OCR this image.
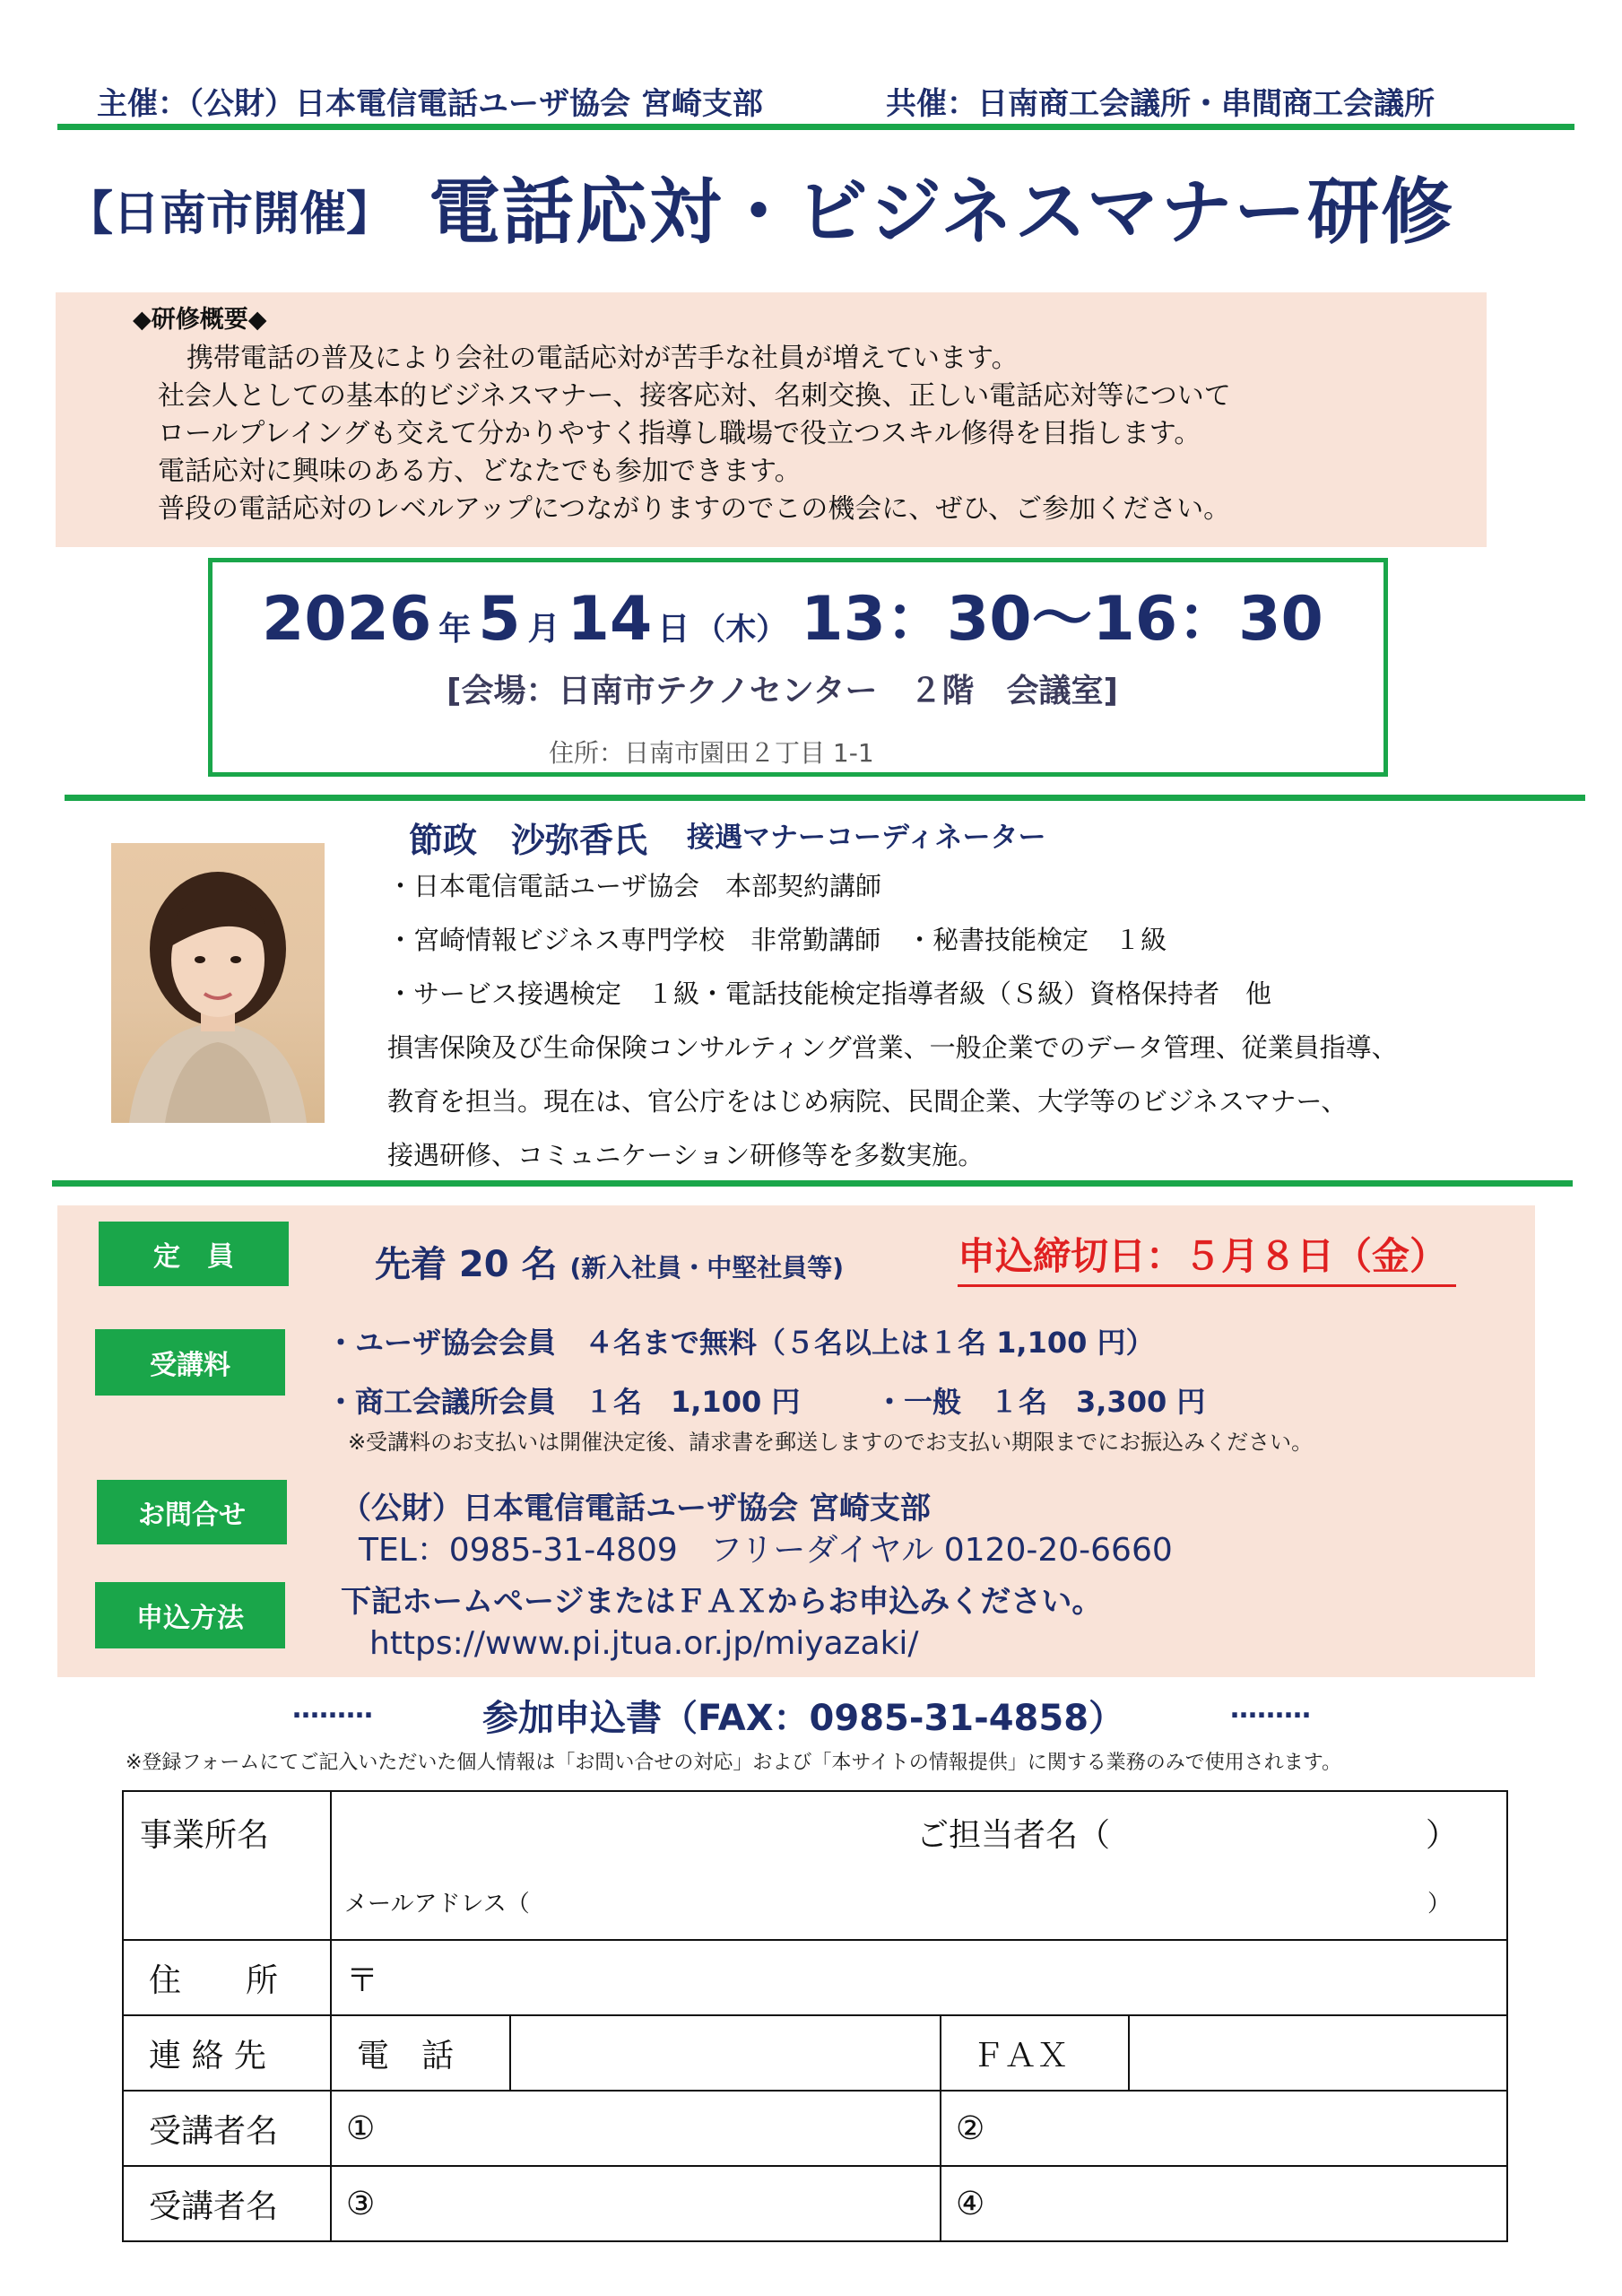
主催：（公財）日本電信電話ユーザ協会 宮崎支部	共催：日南商工会議所・串間商工会議所
【日南市開催】 電話応対・ビジネスマナー研修
◆研修概要◆
携帯電話の普及により会社の電話応対が苦手な社員が増えています。
社会人としての基本的ビジネスマナー、接客応対、名刺交換、正しい電話応対等について
ロールプレイングも交えて分かりやすく指導し職場で役立つスキル修得を目指します。
電話応対に興味のある方、どなたでも参加できます。
普段の電話応対のレベルアップにつながりますのでこの機会に、ぜひ、ご参加ください。
2026 年 5 月 14 日 （木） 13：30～16：30
[会場：日南市テクノセンター　２階　会議室]
住所：日南市園田２丁目 1-1
節政　沙弥香氏 接遇マナーコーディネーター
・日本電信電話ユーザ協会　本部契約講師
・宮崎情報ビジネス専門学校　非常勤講師　・秘書技能検定　１級
・サービス接遇検定　１級・電話技能検定指導者級（Ｓ級）資格保持者　他
損害保険及び生命保険コンサルティング営業、一般企業でのデータ管理、従業員指導、
教育を担当。現在は、官公庁をはじめ病院、民間企業、大学等のビジネスマナー、
接遇研修、コミュニケーション研修等を多数実施。
定　員	先着 20 名 (新入社員・中堅社員等)	申込締切日：５月８日（金）
受講料
・ユーザ協会会員　４名まで無料（５名以上は１名 1,100 円）
・商工会議所会員　１名　1,100 円	・一般　１名　3,300 円
※受講料のお支払いは開催決定後、請求書を郵送しますのでお支払い期限までにお振込みください。
お問合せ	（公財）日本電信電話ユーザ協会 宮崎支部
TEL：0985-31-4809　フリーダイヤル 0120-20-6660
申込方法	下記ホームページまたはＦＡＸからお申込みください。
https://www.pi.jtua.or.jp/miyazaki/
………	参加申込書（FAX：0985-31-4858）	………
※登録フォームにてご記入いただいた個人情報は「お問い合せの対応」および「本サイトの情報提供」に関する業務のみで使用されます。
事業所名	ご担当者名（ ）
メールアドレス（ ）			

住　　所	〒			
連 絡 先	電　話		ＦＡＸ	
受講者名	①		②	
受講者名	③		④	
